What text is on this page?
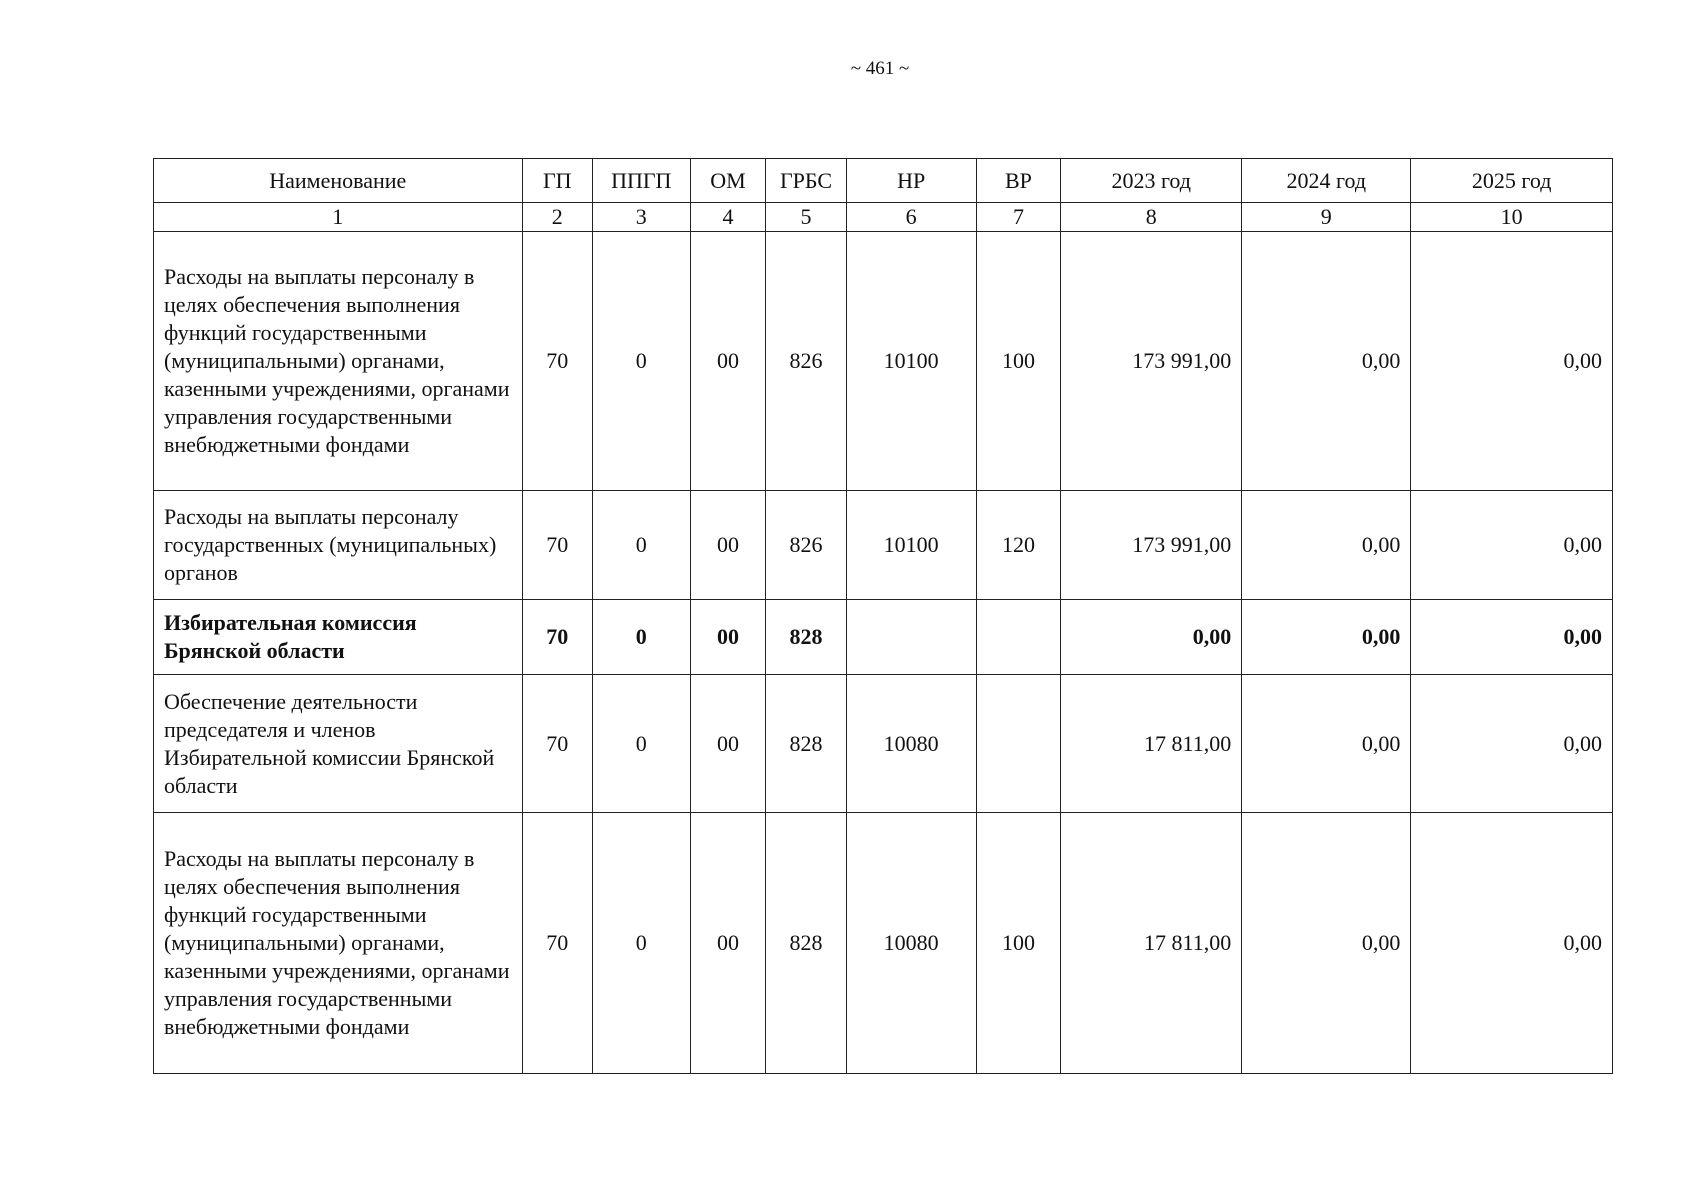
~ 461 ~
Наименование	ГП	ППГП	ОМ	ГРБС	НР	ВР	2023 год	2024 год	2025 год
1	2	3	4	5	6	7	8	9	10
Расходы на выплаты персоналу в целях обеспечения выполнения функций государственными (муниципальными) органами, казенными учреждениями, органами управления государственными внебюджетными фондами	70	0	00	826	10100	100	173 991,00	0,00	0,00
Расходы на выплаты персоналу государственных (муниципальных) органов	70	0	00	826	10100	120	173 991,00	0,00	0,00
Избирательная комиссия Брянской области	70	0	00	828			0,00	0,00	0,00
Обеспечение деятельности председателя и членов Избирательной комиссии Брянской области	70	0	00	828	10080		17 811,00	0,00	0,00
Расходы на выплаты персоналу в целях обеспечения выполнения функций государственными (муниципальными) органами, казенными учреждениями, органами управления государственными внебюджетными фондами	70	0	00	828	10080	100	17 811,00	0,00	0,00
